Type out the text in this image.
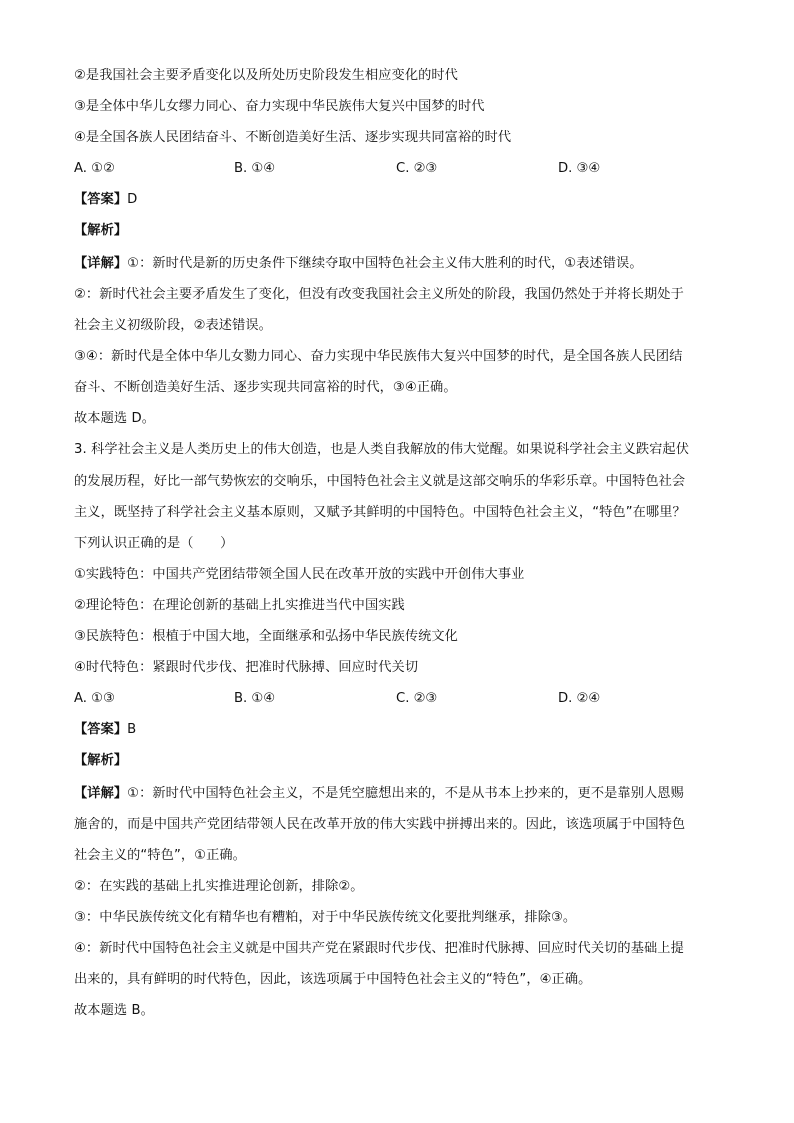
②是我国社会主要矛盾变化以及所处历史阶段发生相应变化的时代
③是全体中华儿女缪力同心、奋力实现中华民族伟大复兴中国梦的时代
④是全国各族人民团结奋斗、不断创造美好生活、逐步实现共同富裕的时代
A. ①②	B. ①④	C. ②③	D. ③④
【答案】D
【解析】
【详解】①：新时代是新的历史条件下继续夺取中国特色社会主义伟大胜利的时代，①表述错误。
②：新时代社会主要矛盾发生了变化，但没有改变我国社会主义所处的阶段，我国仍然处于并将长期处于
社会主义初级阶段，②表述错误。
③④：新时代是全体中华儿女勠力同心、奋力实现中华民族伟大复兴中国梦的时代，是全国各族人民团结
奋斗、不断创造美好生活、逐步实现共同富裕的时代，③④正确。
故本题选 D。
3. 科学社会主义是人类历史上的伟大创造，也是人类自我解放的伟大觉醒。如果说科学社会主义跌宕起伏
的发展历程，好比一部气势恢宏的交响乐，中国特色社会主义就是这部交响乐的华彩乐章。中国特色社会
主义，既坚持了科学社会主义基本原则，又赋予其鲜明的中国特色。中国特色社会主义，“特色”在哪里？
下列认识正确的是（　　）
①实践特色：中国共产党团结带领全国人民在改革开放的实践中开创伟大事业
②理论特色：在理论创新的基础上扎实推进当代中国实践
③民族特色：根植于中国大地，全面继承和弘扬中华民族传统文化
④时代特色：紧跟时代步伐、把准时代脉搏、回应时代关切
A. ①③	B. ①④	C. ②③	D. ②④
【答案】B
【解析】
【详解】①：新时代中国特色社会主义，不是凭空臆想出来的，不是从书本上抄来的，更不是靠别人恩赐
施舍的，而是中国共产党团结带领人民在改革开放的伟大实践中拼搏出来的。因此，该选项属于中国特色
社会主义的“特色”，①正确。
②：在实践的基础上扎实推进理论创新，排除②。
③：中华民族传统文化有精华也有糟粕，对于中华民族传统文化要批判继承，排除③。
④：新时代中国特色社会主义就是中国共产党在紧跟时代步伐、把准时代脉搏、回应时代关切的基础上提
出来的，具有鲜明的时代特色，因此，该选项属于中国特色社会主义的“特色”，④正确。
故本题选 B。
